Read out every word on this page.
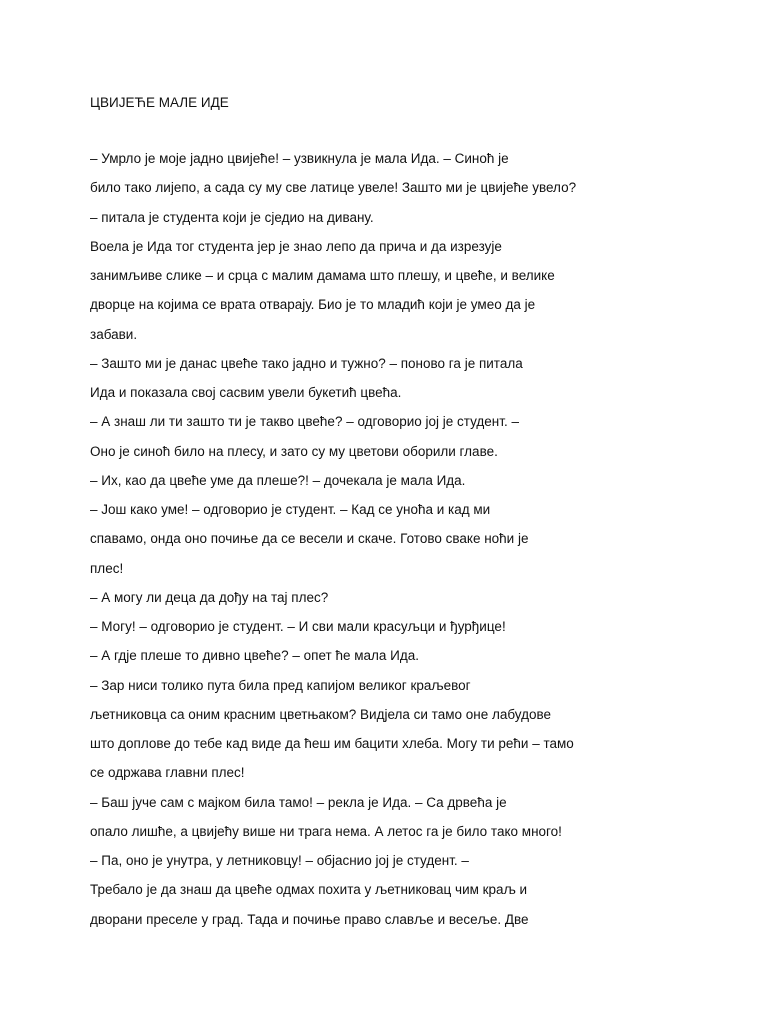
ЦВИЈЕЋЕ МАЛЕ ИДЕ
– Умрло је моје јадно цвијеће! – узвикнула је мала Ида. – Синоћ је
било тако лијепо, а сада су му све латице увеле! Зашто ми је цвијеће увело?
– питала је студента који је сједио на дивану.
Воела је Ида тог студента јер је знао лепо да прича и да изрезује
занимљиве слике – и срца с малим дамама што плешу, и цвеће, и велике
дворце на којима се врата отварају. Био је то младић који је умео да је
забави.
– Зашто ми је данас цвеће тако јадно и тужно? – поново га је питала
Ида и показала свој сасвим увели букетић цвећа.
– А знаш ли ти зашто ти је такво цвеће? – одговорио јој је студент. –
Оно је синоћ било на плесу, и зато су му цветови оборили главе.
– Их, као да цвеће уме да плеше?! – дочекала је мала Ида.
– Још како уме! – одговорио је студент. – Кад се уноћа и кад ми
спавамо, онда оно почиње да се весели и скаче. Готово сваке ноћи је
плес!
– А могу ли деца да дођу на тај плес?
– Могу! – одговорио је студент. – И сви мали красуљци и ђурђице!
– А гдје плеше то дивно цвеће? – опет ће мала Ида.
– Зар ниси толико пута била пред капијом великог краљевог
љетниковца са оним красним цветњаком? Видјела си тамо оне лабудове
што доплове до тебе кад виде да ћеш им бацити хлеба. Могу ти рећи – тамо
се одржава главни плес!
– Баш јуче сам с мајком била тамо! – рекла је Ида. – Са дрвећа је
опало лишће, а цвијећу више ни трага нема. А летос га је било тако много!
– Па, оно је унутра, у летниковцу! – објаснио јој је студент. –
Требало је да знаш да цвеће одмах похита у љетниковац чим краљ и
дворани преселе у град. Тада и почиње право славље и весеље. Две
